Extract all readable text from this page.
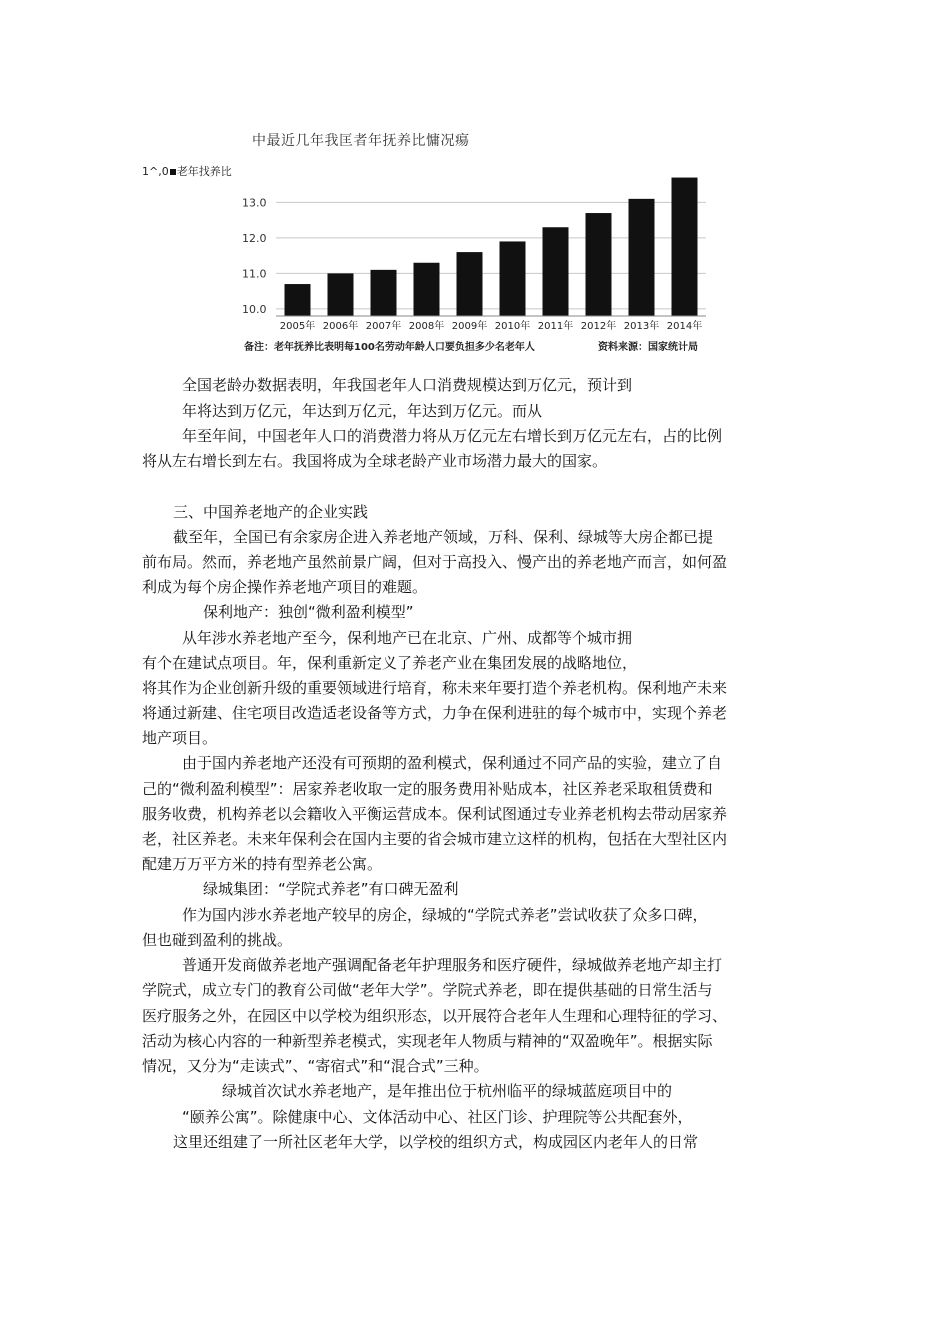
中最近几年我匡者年抚养比慵况瘍
1^,0 老年找养比
10.0
11.0
12.0
13.0
2005年 2006年 2007年 2008年 2009年 2010年 2011年 2012年 2013年 2014年
备注：老年抚养比表明每100名劳动年龄人口要负担多少名老年人	资料来源：国家统计局
全国老龄办数据表明，年我国老年人口消费规模达到万亿元，预计到
年将达到万亿元，年达到万亿元，年达到万亿元。而从
年至年间，中国老年人口的消费潜力将从万亿元左右增长到万亿元左右，占的比例
将从左右增长到左右。我国将成为全球老龄产业市场潜力最大的国家。
三、中国养老地产的企业实践
截至年，全国已有余家房企进入养老地产领域，万科、保利、绿城等大房企都已提
前布局。然而，养老地产虽然前景广阔，但对于高投入、慢产出的养老地产而言，如何盈
利成为每个房企操作养老地产项目的难题。
保利地产：独创“微利盈利模型”
从年涉水养老地产至今，保利地产已在北京、广州、成都等个城市拥
有个在建试点项目。年，保利重新定义了养老产业在集团发展的战略地位，
将其作为企业创新升级的重要领域进行培育，称未来年要打造个养老机构。保利地产未来
将通过新建、住宅项目改造适老设备等方式，力争在保利进驻的每个城市中，实现个养老
地产项目。
由于国内养老地产还没有可预期的盈利模式，保利通过不同产品的实验，建立了自
己的“微利盈利模型”：居家养老收取一定的服务费用补贴成本，社区养老采取租赁费和
服务收费，机构养老以会籍收入平衡运营成本。保利试图通过专业养老机构去带动居家养
老，社区养老。未来年保利会在国内主要的省会城市建立这样的机构，包括在大型社区内
配建万万平方米的持有型养老公寓。
绿城集团：“学院式养老”有口碑无盈利
作为国内涉水养老地产较早的房企，绿城的“学院式养老”尝试收获了众多口碑，
但也碰到盈利的挑战。
普通开发商做养老地产强调配备老年护理服务和医疗硬件，绿城做养老地产却主打
学院式，成立专门的教育公司做“老年大学”。学院式养老，即在提供基础的日常生活与
医疗服务之外，在园区中以学校为组织形态，以开展符合老年人生理和心理特征的学习、
活动为核心内容的一种新型养老模式，实现老年人物质与精神的“双盈晚年”。根据实际
情况，又分为“走读式”、“寄宿式”和“混合式”三种。
绿城首次试水养老地产，是年推出位于杭州临平的绿城蓝庭项目中的
“颐养公寓”。除健康中心、文体活动中心、社区门诊、护理院等公共配套外，
这里还组建了一所社区老年大学，以学校的组织方式，构成园区内老年人的日常
